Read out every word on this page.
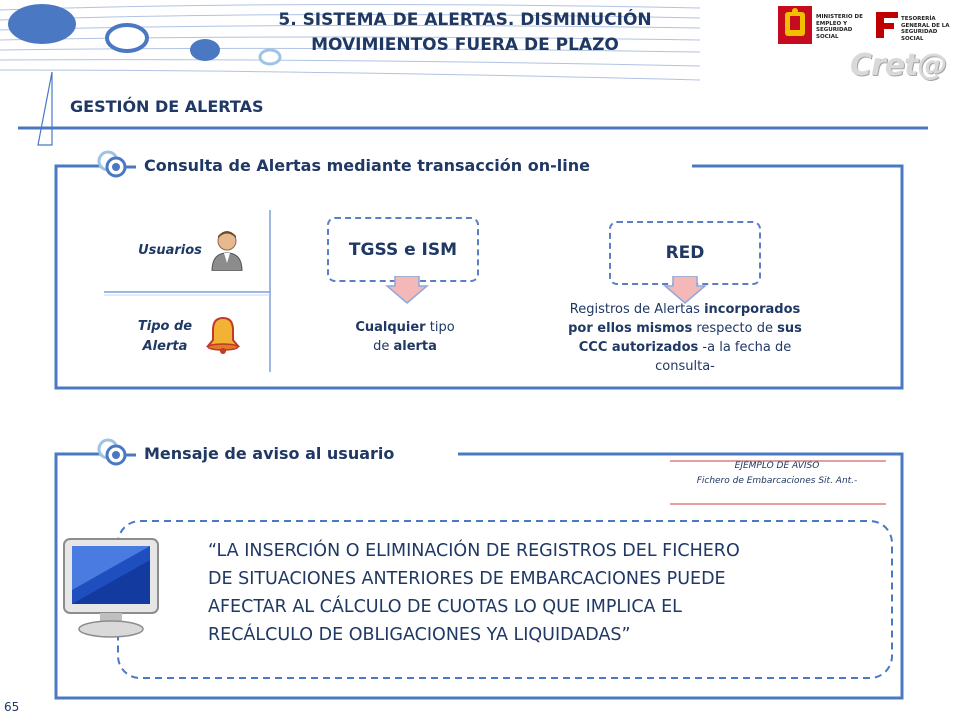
5. SISTEMA DE ALERTAS. DISMINUCIÓN
MOVIMIENTOS FUERA DE PLAZO
MINISTERIO DE EMPLEO Y SEGURIDAD SOCIAL
TESORERÍA GENERAL DE LA SEGURIDAD SOCIAL
Cret@
GESTIÓN DE ALERTAS
Consulta de Alertas mediante transacción on-line
Usuarios
Tipo de
Alerta
TGSS e ISM
Cualquier tipo
de alerta
RED
Registros de Alertas incorporados
por ellos mismos respecto de sus
CCC autorizados -a la fecha de
consulta-
Mensaje de aviso al usuario
EJEMPLO DE AVISO
Fichero de Embarcaciones Sit. Ant.-
“LA INSERCIÓN O ELIMINACIÓN DE REGISTROS DEL FICHERO
DE SITUACIONES ANTERIORES DE EMBARCACIONES PUEDE
AFECTAR AL CÁLCULO DE CUOTAS LO QUE IMPLICA EL
RECÁLCULO DE OBLIGACIONES YA LIQUIDADAS”
65
